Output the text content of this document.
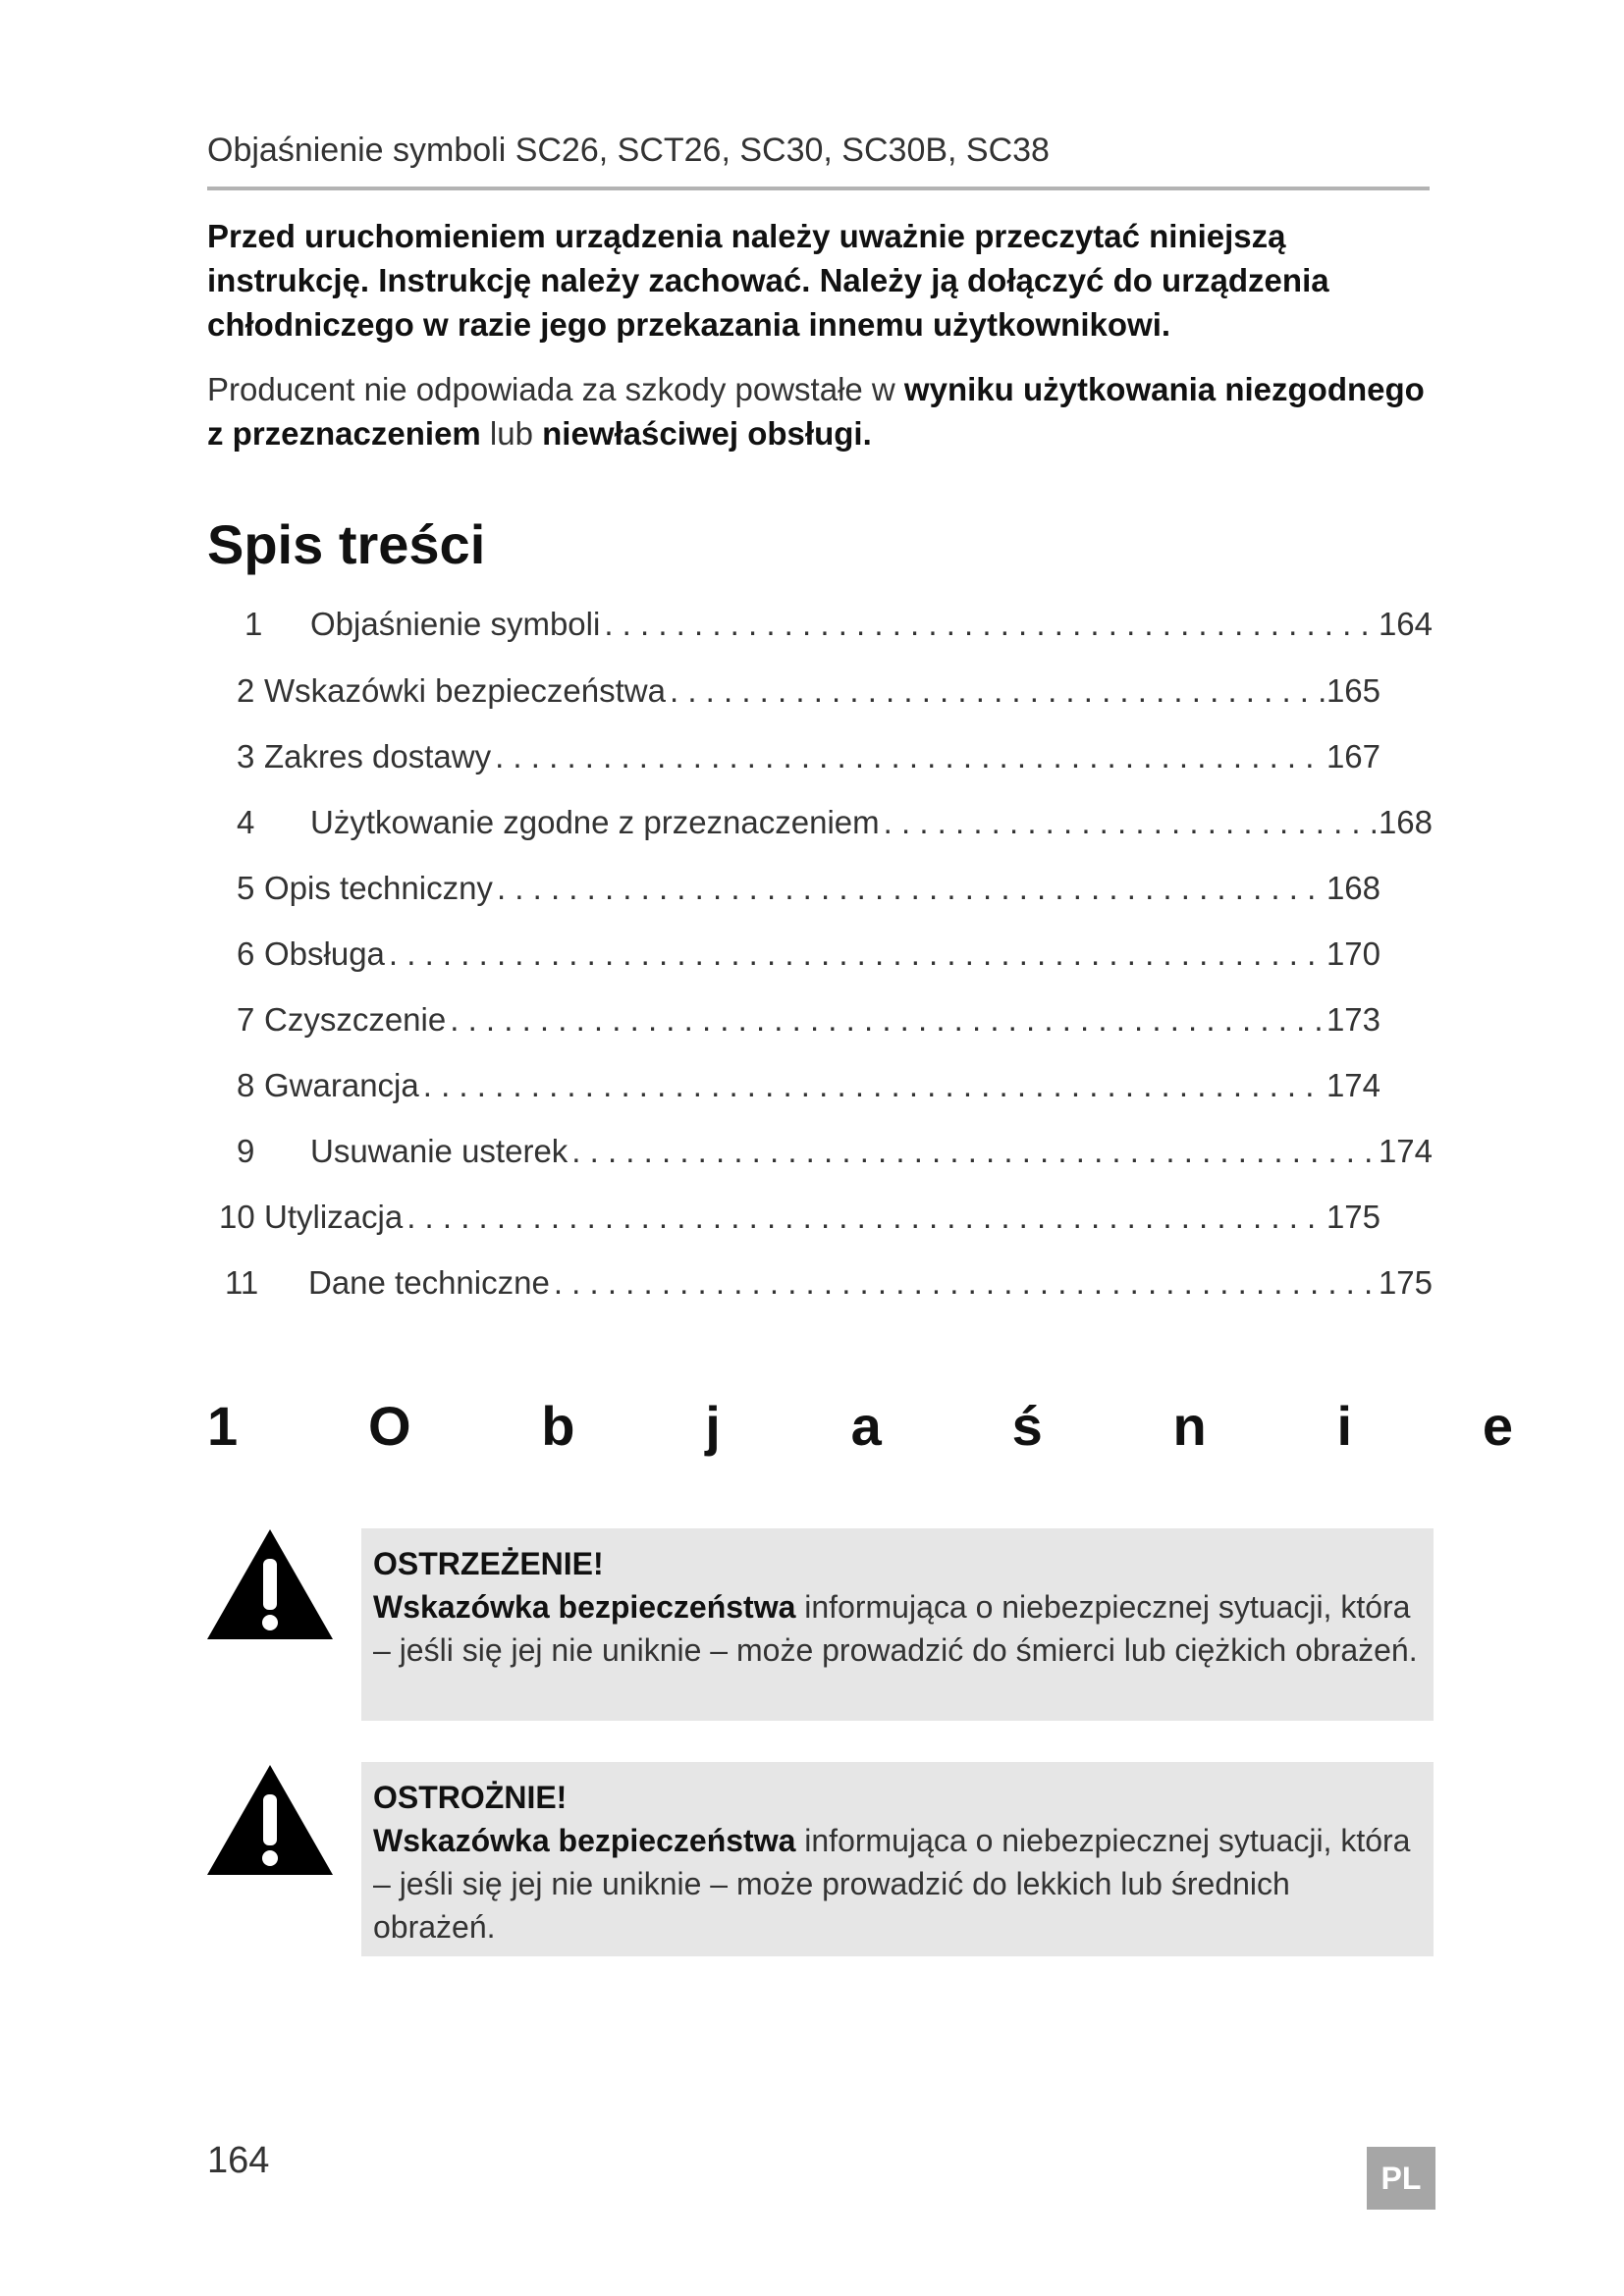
Objaśnienie symboli SC26, SCT26, SC30, SC30B, SC38
Przed uruchomieniem urządzenia należy uważnie przeczytać niniejszą instrukcję. Instrukcję należy zachować. Należy ją dołączyć do urządzenia chłodniczego w razie jego przekazania innemu użytkownikowi.
Producent nie odpowiada za szkody powstałe w wyniku użytkowania niezgodnego z przeznaczeniem lub niewłaściwej obsługi.
Spis treści
1	Objaśnienie symboli . . .	164
2 Wskazówki bezpieczeństwa . . .	165
3 Zakres dostawy . . .	167
4	Użytkowanie zgodne z przeznaczeniem . . .	168
5 Opis techniczny . . .	168
6 Obsługa . . .	170
7 Czyszczenie . . .	173
8 Gwarancja . . .	174
9	Usuwanie usterek . . .	174
10 Utylizacja . . .	175
11	Dane techniczne . . .	175
1 O b j a ś n i e
OSTRZEŻENIE!
Wskazówka bezpieczeństwa informująca o niebezpiecznej sytuacji, która – jeśli się jej nie uniknie – może prowadzić do śmierci lub ciężkich obrażeń.
OSTROŻNIE!
Wskazówka bezpieczeństwa informująca o niebezpiecznej sytuacji, która – jeśli się jej nie uniknie – może prowadzić do lekkich lub średnich obrażeń.
164	PL
